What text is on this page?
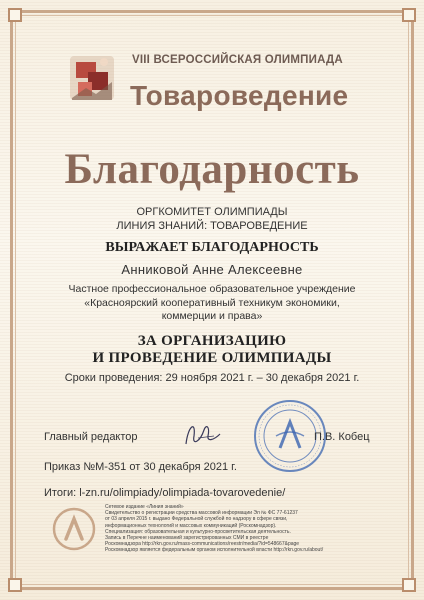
VIII ВСЕРОССИЙСКАЯ ОЛИМПИАДА
Товароведение
Благодарность
ОРГКОМИТЕТ ОЛИМПИАДЫ
ЛИНИЯ ЗНАНИЙ: ТОВАРОВЕДЕНИЕ
ВЫРАЖАЕТ БЛАГОДАРНОСТЬ
Анниковой Анне Алексеевне
Частное профессиональное образовательное учреждение
«Красноярский кооперативный техникум экономики,
коммерции и права»
ЗА ОРГАНИЗАЦИЮ
И ПРОВЕДЕНИЕ ОЛИМПИАДЫ
Сроки проведения: 29 ноября 2021 г. – 30 декабря 2021 г.
Главный редактор	П.В. Кобец
Приказ №М-351 от 30 декабря 2021 г.
Итоги: l-zn.ru/olimpiady/olimpiada-tovarovedenie/
Сетевое издание «Линия знаний»
Свидетельство о регистрации средства массовой информации Эл № ФС 77-61237
от 03 апреля 2015 г. выдано Федеральной службой по надзору в сфере связи,
информационных технологий и массовых коммуникаций (Роскомнадзор).
Специализация: образовательная и культурно-просветительская деятельность.
Запись в Перечне наименований зарегистрированных СМИ в реестре
Роскомнадзора http://rkn.gov.ru/mass-communications/reestr/media/?id=548667&page
Роскомнадзор является федеральным органом исполнительной власти http://rkn.gov.ru/about/
